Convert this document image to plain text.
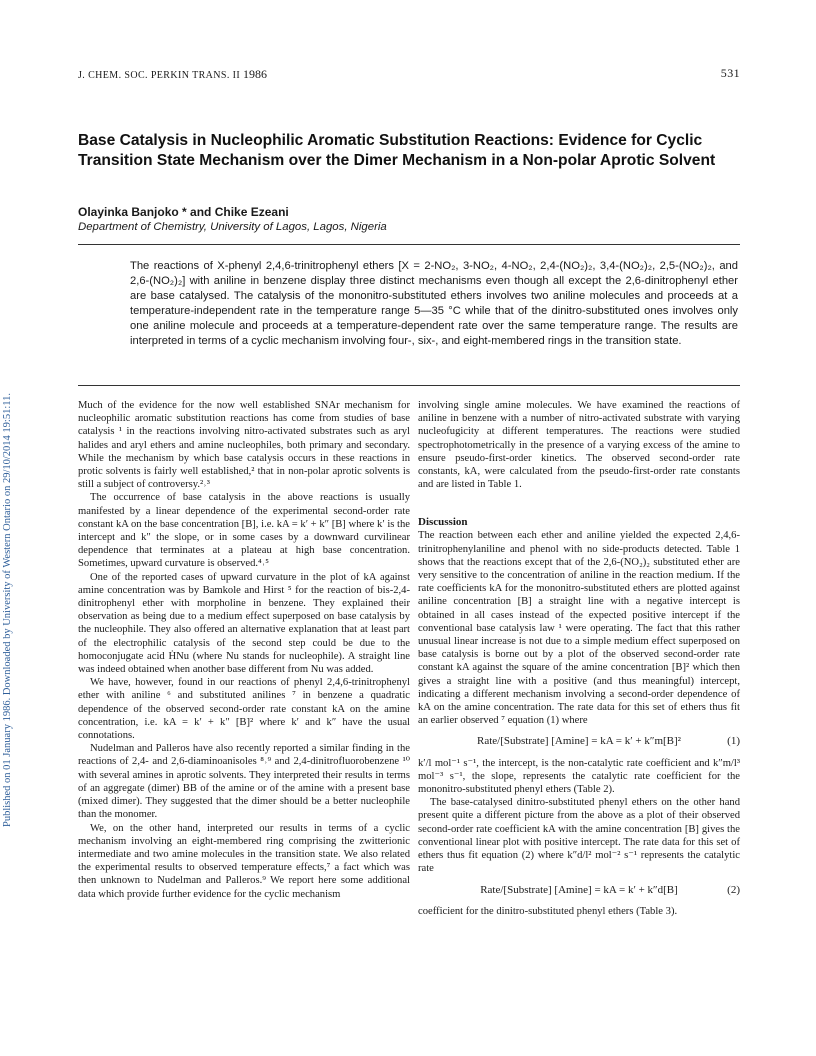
Published on 01 January 1986. Downloaded by University of Western Ontario on 29/10/2014 19:51:11.
J. CHEM. SOC. PERKIN TRANS. II 1986	531
Base Catalysis in Nucleophilic Aromatic Substitution Reactions: Evidence for Cyclic Transition State Mechanism over the Dimer Mechanism in a Non-polar Aprotic Solvent
Olayinka Banjoko * and Chike Ezeani
Department of Chemistry, University of Lagos, Lagos, Nigeria

The reactions of X-phenyl 2,4,6-trinitrophenyl ethers [X = 2-NO₂, 3-NO₂, 4-NO₂, 2,4-(NO₂)₂, 3,4-(NO₂)₂, 2,5-(NO₂)₂, and 2,6-(NO₂)₂] with aniline in benzene display three distinct mechanisms even though all except the 2,6-dinitrophenyl ether are base catalysed. The catalysis of the mononitro-substituted ethers involves two aniline molecules and proceeds at a temperature-independent rate in the temperature range 5—35 °C while that of the dinitro-substituted ones involves only one aniline molecule and proceeds at a temperature-dependent rate over the same temperature range. The results are interpreted in terms of a cyclic mechanism involving four-, six-, and eight-membered rings in the transition state.

Much of the evidence for the now well established SNAr mechanism for nucleophilic aromatic substitution reactions has come from studies of base catalysis ¹ in the reactions involving nitro-activated substrates such as aryl halides and aryl ethers and amine nucleophiles, both primary and secondary. While the mechanism by which base catalysis occurs in these reactions in protic solvents is fairly well established,² that in non-polar aprotic solvents is still a subject of controversy.²˒³

The occurrence of base catalysis in the above reactions is usually manifested by a linear dependence of the experimental second-order rate constant kA on the base concentration [B], i.e. kA = k′ + k″ [B] where k′ is the intercept and k″ the slope, or in some cases by a downward curvilinear dependence that terminates at a plateau at high base concentration. Sometimes, upward curvature is observed.⁴˒⁵

One of the reported cases of upward curvature in the plot of kA against amine concentration was by Bamkole and Hirst ⁵ for the reaction of bis-2,4-dinitrophenyl ether with morpholine in benzene. They explained their observation as being due to a medium effect superposed on base catalysis by the nucleophile. They also offered an alternative explanation that at least part of the electrophilic catalysis of the second step could be due to the homoconjugate acid ḢNu (where Nu stands for nucleophile). A straight line was indeed obtained when another base different from Nu was added.

We have, however, found in our reactions of phenyl 2,4,6-trinitrophenyl ether with aniline ⁶ and substituted anilines ⁷ in benzene a quadratic dependence of the observed second-order rate constant kA on the amine concentration, i.e. kA = k′ + k″ [B]² where k′ and k″ have the usual connotations.

Nudelman and Palleros have also recently reported a similar finding in the reactions of 2,4- and 2,6-diaminoanisoles ⁸˒⁹ and 2,4-dinitrofluorobenzene ¹⁰ with several amines in aprotic solvents. They interpreted their results in terms of an aggregate (dimer) BB of the amine or of the amine with a present base (mixed dimer). They suggested that the dimer should be a better nucleophile than the monomer.

We, on the other hand, interpreted our results in terms of a cyclic mechanism involving an eight-membered ring comprising the zwitterionic intermediate and two amine molecules in the transition state. We also related the experimental results to observed temperature effects,⁷ a fact which was then unknown to Nudelman and Palleros.⁹ We report here some additional data which provide further evidence for the cyclic mechanism

involving single amine molecules. We have examined the reactions of aniline in benzene with a number of nitro-activated substrate with varying nucleofugicity at different temperatures. The reactions were studied spectrophotometrically in the presence of a varying excess of the amine to ensure pseudo-first-order kinetics. The observed second-order rate constants, kA, were calculated from the pseudo-first-order rate constants and are listed in Table 1.

Discussion

The reaction between each ether and aniline yielded the expected 2,4,6-trinitrophenylaniline and phenol with no side-products detected. Table 1 shows that the reactions except that of the 2,6-(NO₂)₂ substituted ether are very sensitive to the concentration of aniline in the reaction medium. If the rate coefficients kA for the mononitro-substituted ethers are plotted against aniline concentration [B] a straight line with a negative intercept is obtained in all cases instead of the expected positive intercept if the conventional base catalysis law ¹ were operating. The fact that this rather unusual linear increase is not due to a simple medium effect superposed on base catalysis is borne out by a plot of the observed second-order rate constant kA against the square of the amine concentration [B]² which then gives a straight line with a positive (and thus meaningful) intercept, indicating a different mechanism involving a second-order dependence of kA on the amine concentration. The rate data for this set of ethers thus fit an earlier observed ⁷ equation (1) where

Rate/[Substrate] [Amine] = kA = k′ + k″m[B]²	(1)

k′/l mol⁻¹ s⁻¹, the intercept, is the non-catalytic rate coefficient and k″m/l³ mol⁻³ s⁻¹, the slope, represents the catalytic rate coefficient for the mononitro-substituted phenyl ethers (Table 2).

The base-catalysed dinitro-substituted phenyl ethers on the other hand present quite a different picture from the above as a plot of their observed second-order rate coefficient kA with the amine concentration [B] gives the conventional linear plot with positive intercept. The rate data for this set of ethers thus fit equation (2) where k″d/l² mol⁻² s⁻¹ represents the catalytic rate

Rate/[Substrate] [Amine] = kA = k′ + k″d[B]	(2)

coefficient for the dinitro-substituted phenyl ethers (Table 3).
